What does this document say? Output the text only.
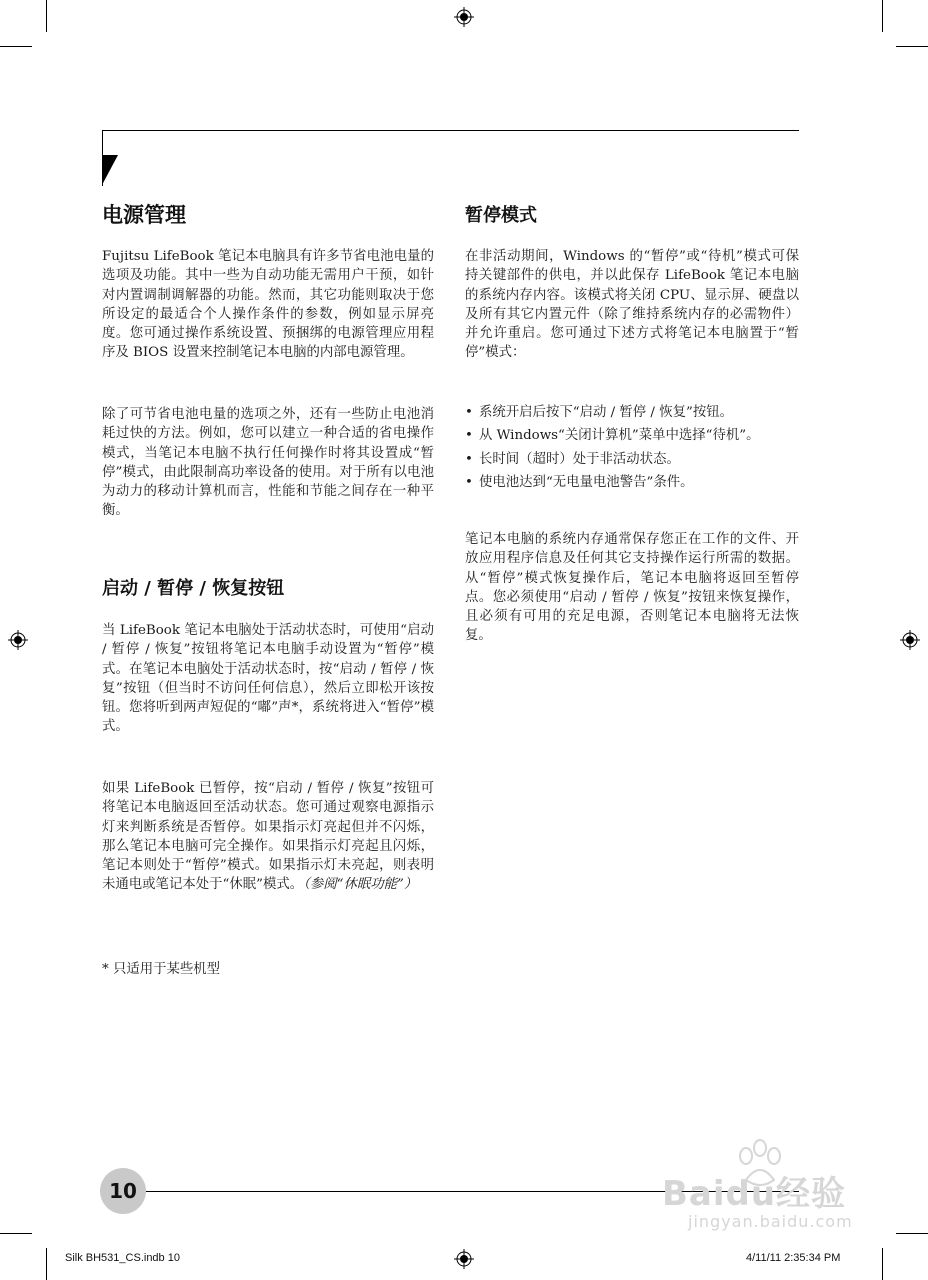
电源管理

Fujitsu LifeBook 笔记本电脑具有许多节省电池电量的选项及功能。其中一些为自动功能无需用户干预，如针对内置调制调解器的功能。然而，其它功能则取决于您所设定的最适合个人操作条件的参数，例如显示屏亮度。您可通过操作系统设置、预捆绑的电源管理应用程序及 BIOS 设置来控制笔记本电脑的内部电源管理。

除了可节省电池电量的选项之外，还有一些防止电池消耗过快的方法。例如，您可以建立一种合适的省电操作模式，当笔记本电脑不执行任何操作时将其设置成“暂停”模式，由此限制高功率设备的使用。对于所有以电池为动力的移动计算机而言，性能和节能之间存在一种平衡。

启动 / 暂停 / 恢复按钮

当 LifeBook 笔记本电脑处于活动状态时，可使用“启动 / 暂停 / 恢复”按钮将笔记本电脑手动设置为“暂停”模式。在笔记本电脑处于活动状态时，按“启动 / 暂停 / 恢复”按钮（但当时不访问任何信息），然后立即松开该按钮。您将听到两声短促的“嘟”声*，系统将进入“暂停”模式。

如果 LifeBook 已暂停，按“启动 / 暂停 / 恢复”按钮可将笔记本电脑返回至活动状态。您可通过观察电源指示灯来判断系统是否暂停。如果指示灯亮起但并不闪烁，那么笔记本电脑可完全操作。如果指示灯亮起且闪烁，笔记本则处于“暂停”模式。如果指示灯未亮起，则表明未通电或笔记本处于“休眠”模式。（参阅“休眠功能”）

* 只适用于某些机型
暂停模式

在非活动期间，Windows 的“暂停”或“待机”模式可保持关键部件的供电，并以此保存 LifeBook 笔记本电脑的系统内存内容。该模式将关闭 CPU、显示屏、硬盘以及所有其它内置元件（除了维持系统内存的必需物件）并允许重启。您可通过下述方式将笔记本电脑置于“暂停”模式：

• 系统开启后按下“启动 / 暂停 / 恢复”按钮。
• 从 Windows“关闭计算机”菜单中选择“待机”。
• 长时间（超时）处于非活动状态。
• 使电池达到“无电量电池警告”条件。

笔记本电脑的系统内存通常保存您正在工作的文件、开放应用程序信息及任何其它支持操作运行所需的数据。从“暂停”模式恢复操作后，笔记本电脑将返回至暂停点。您必须使用“启动 / 暂停 / 恢复”按钮来恢复操作，且必须有可用的充足电源，否则笔记本电脑将无法恢复。

10	Baidu经验
jingyan.baidu.com
Silk BH531_CS.indb 10	4/11/11 2:35:34 PM
